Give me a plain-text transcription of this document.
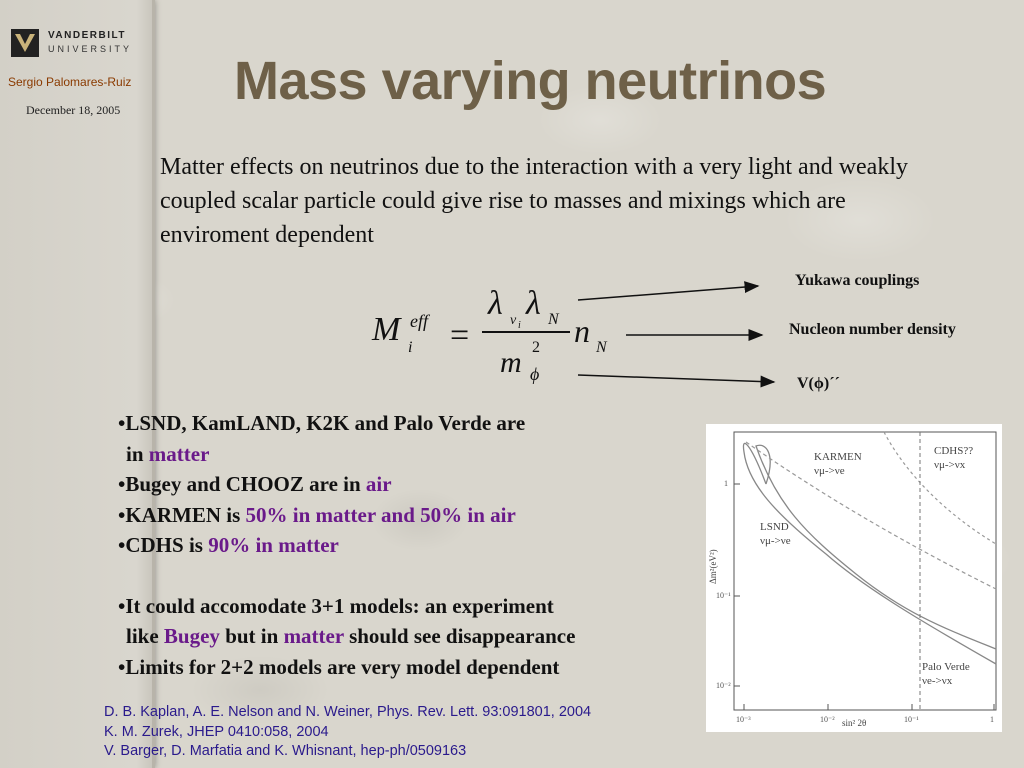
VANDERBILT
UNIVERSITY
Sergio Palomares-Ruiz
December 18, 2005 Mass varying neutrinos
Matter effects on neutrinos due to the interaction with a very light and weakly coupled scalar particle could give rise to masses and mixings which are enviroment dependent
M eff
i =
λ ν i
λ N
m 2
ϕ
n N
Yukawa couplings
Nucleon number density
V(ϕ)´´
•LSND, KamLAND, K2K and Palo Verde are
in matter
•Bugey and CHOOZ are in air
•KARMEN is 50% in matter and 50% in air
•CDHS is 90% in matter
•It could accomodate 3+1 models: an experiment
like Bugey but in matter should see disappearance
•Limits for 2+2 models are very model dependent
KARMEN
νμ->νe
CDHS??
νμ->νx
LSND
νμ->νe
Palo Verde
νe->νx
1
10⁻¹
10⁻²
10⁻³	10⁻²	10⁻¹	1
sin² 2θ
Δm²(eV²)
D. B. Kaplan, A. E. Nelson and N. Weiner, Phys. Rev. Lett. 93:091801, 2004
K. M. Zurek, JHEP 0410:058, 2004
V. Barger, D. Marfatia and K. Whisnant, hep-ph/0509163
